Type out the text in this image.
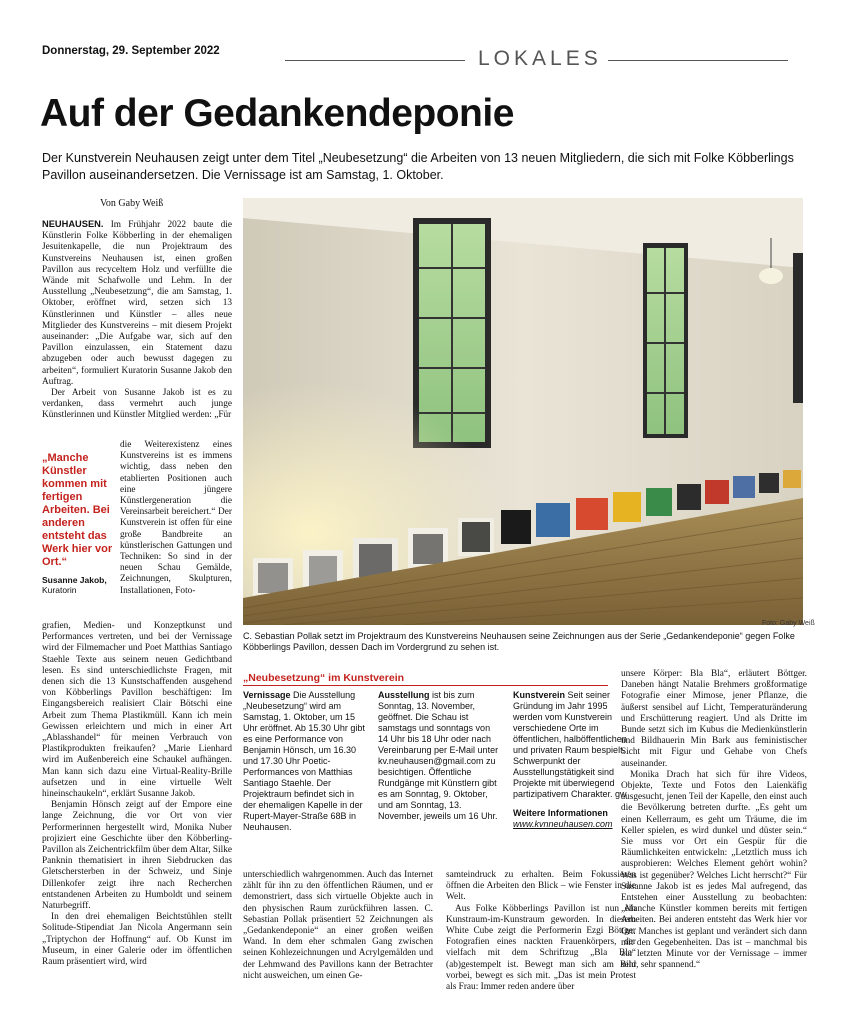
Donnerstag, 29. September 2022	LOKALES
Auf der Gedankendeponie
Der Kunstverein Neuhausen zeigt unter dem Titel „Neubesetzung“ die Arbeiten von 13 neuen Mitgliedern, die sich mit Folke Köbberlings Pavillon auseinandersetzen. Die Vernissage ist am Samstag, 1. Oktober.
Von Gaby Weiß

NEUHAUSEN. Im Frühjahr 2022 baute die Künstlerin Folke Köbberling in der ehemaligen Jesuitenkapelle, die nun Projektraum des Kunstvereins Neuhausen ist, einen großen Pavillon aus recyceltem Holz und verfüllte die Wände mit Schafwolle und Lehm. In der Ausstellung „Neubesetzung“, die am Samstag, 1. Oktober, eröffnet wird, setzen sich 13 Künstlerinnen und Künstler – alles neue Mitglieder des Kunstvereins – mit diesem Projekt auseinander: „Die Aufgabe war, sich auf den Pavillon einzulassen, ein Statement dazu abzugeben oder auch bewusst dagegen zu arbeiten“, formuliert Kuratorin Susanne Jakob den Auftrag.

Der Arbeit von Susanne Jakob ist es zu verdanken, dass vermehrt auch junge Künstlerinnen und Künstler Mitglied werden: „Für

„Manche Künstler kommen mit fertigen Arbeiten. Bei anderen entsteht das Werk hier vor Ort.“
Susanne Jakob,
Kuratorin

die Weiterexistenz eines Kunstvereins ist es immens wichtig, dass neben den etablierten Positionen auch eine jüngere Künstlergeneration die Vereinsarbeit bereichert.“ Der Kunstverein ist offen für eine große Bandbreite an künstlerischen Gattungen und Techniken: So sind in der neuen Schau Gemälde, Zeichnungen, Skulpturen, Installationen, Foto-

grafien, Medien- und Konzeptkunst und Performances vertreten, und bei der Vernissage wird der Filmemacher und Poet Matthias Santiago Staehle Texte aus seinem neuen Gedichtband lesen. Es sind unterschiedlichste Fragen, mit denen sich die 13 Kunstschaffenden ausgehend von Köbberlings Pavillon beschäftigen: Im Eingangsbereich realisiert Clair Bötschi eine Arbeit zum Thema Plastikmüll. Kann ich mein Gewissen erleichtern und mich in einer Art „Ablasshandel“ für meinen Verbrauch von Plastikprodukten freikaufen? „Marie Lienhard wird im Außenbereich eine Schaukel aufhängen. Man kann sich dazu eine Virtual-Reality-Brille aufsetzen und in eine virtuelle Welt hineinschaukeln“, erklärt Susanne Jakob.

Benjamin Hönsch zeigt auf der Empore eine lange Zeichnung, die vor Ort von vier Performerinnen hergestellt wird, Monika Nuber projiziert eine Geschichte über den Köbberling-Pavillon als Zeichentrickfilm über dem Altar, Silke Panknin thematisiert in ihren Siebdrucken das Gletschersterben in der Schweiz, und Sinje Dillenkofer zeigt ihre nach Recherchen entstandenen Arbeiten zu Humboldt und seinem Naturbegriff.

In den drei ehemaligen Beichtstühlen stellt Solitude-Stipendiat Jan Nicola Angermann sein „Triptychon der Hoffnung“ auf. Ob Kunst im Museum, in einer Galerie oder im öffentlichen Raum präsentiert wird, wird

Foto: Gaby Weiß
C. Sebastian Pollak setzt im Projektraum des Kunstvereins Neuhausen seine Zeichnungen aus der Serie „Gedankendeponie“ gegen Folke Köbberlings Pavillon, dessen Dach im Vordergrund zu sehen ist.
„Neubesetzung“ im Kunstverein
Vernissage Die Ausstellung „Neubesetzung“ wird am Samstag, 1. Oktober, um 15 Uhr eröffnet. Ab 15.30 Uhr gibt es eine Performance von Benjamin Hönsch, um 16.30 und 17.30 Uhr Poetic-Performances von Matthias Santiago Staehle. Der Projektraum befindet sich in der ehemaligen Kapelle in der Rupert-Mayer-Straße 68B in Neuhausen.
Ausstellung ist bis zum Sonntag, 13. November, geöffnet. Die Schau ist samstags und sonntags von 14 Uhr bis 18 Uhr oder nach Vereinbarung per E-Mail unter kv.neuhausen@gmail.com zu besichtigen. Öffentliche Rundgänge mit Künstlern gibt es am Sonntag, 9. Oktober, und am Sonntag, 13. November, jeweils um 16 Uhr.
Kunstverein Seit seiner Gründung im Jahr 1995 werden vom Kunstverein verschiedene Orte im öffentlichen, halböffentlichen und privaten Raum bespielt. Schwerpunkt der Ausstellungstätigkeit sind Projekte mit überwiegend partizipativem Charakter. gw
Weitere Informationen
www.kvnneuhausen.com

unterschiedlich wahrgenommen. Auch das Internet zählt für ihn zu den öffentlichen Räumen, und er demonstriert, dass sich virtuelle Objekte auch in den physischen Raum zurückführen lassen. C. Sebastian Pollak präsentiert 52 Zeichnungen als „Gedankendeponie“ an einer großen weißen Wand. In dem eher schmalen Gang zwischen seinen Kohlezeichnungen und Acrylgemälden und der Lehmwand des Pavillons kann der Betrachter nicht ausweichen, um einen Ge-

samteindruck zu erhalten. Beim Fokussieren öffnen die Arbeiten den Blick – wie Fenster in die Welt.

Aus Folke Köbberlings Pavillon ist nun ein Kunstraum-im-Kunstraum geworden. In diesem White Cube zeigt die Performerin Ezgi Böttger Fotografien eines nackten Frauenkörpers, der vielfach mit dem Schriftzug „Bla Bla“ (ab)gestempelt ist. Bewegt man sich am Bild vorbei, bewegt es sich mit. „Das ist mein Protest als Frau: Immer reden andere über

unsere Körper: Bla Bla“, erläutert Böttger. Daneben hängt Natalie Brehmers großformatige Fotografie einer Mimose, jener Pflanze, die äußerst sensibel auf Licht, Temperaturänderung und Erschütterung reagiert. Und als Dritte im Bunde setzt sich im Kubus die Medienkünstlerin und Bildhauerin Min Bark aus feministischer Sicht mit Figur und Gehabe von Chefs auseinander.

Monika Drach hat sich für ihre Videos, Objekte, Texte und Fotos den Laienkäfig ausgesucht, jenen Teil der Kapelle, den einst auch die Bevölkerung betreten durfte. „Es geht um einen Kellerraum, es geht um Träume, die im Keller spielen, es wird dunkel und düster sein.“ Sie muss vor Ort ein Gespür für die Räumlichkeiten entwickeln: „Letztlich muss ich ausprobieren: Welches Element gehört wohin? Was ist gegenüber? Welches Licht herrscht?“ Für Susanne Jakob ist es jedes Mal aufregend, das Entstehen einer Ausstellung zu beobachten: „Manche Künstler kommen bereits mit fertigen Arbeiten. Bei anderen entsteht das Werk hier vor Ort. Manches ist geplant und verändert sich dann mit den Gegebenheiten. Das ist – manchmal bis zur letzten Minute vor der Vernissage – immer sehr, sehr spannend.“
